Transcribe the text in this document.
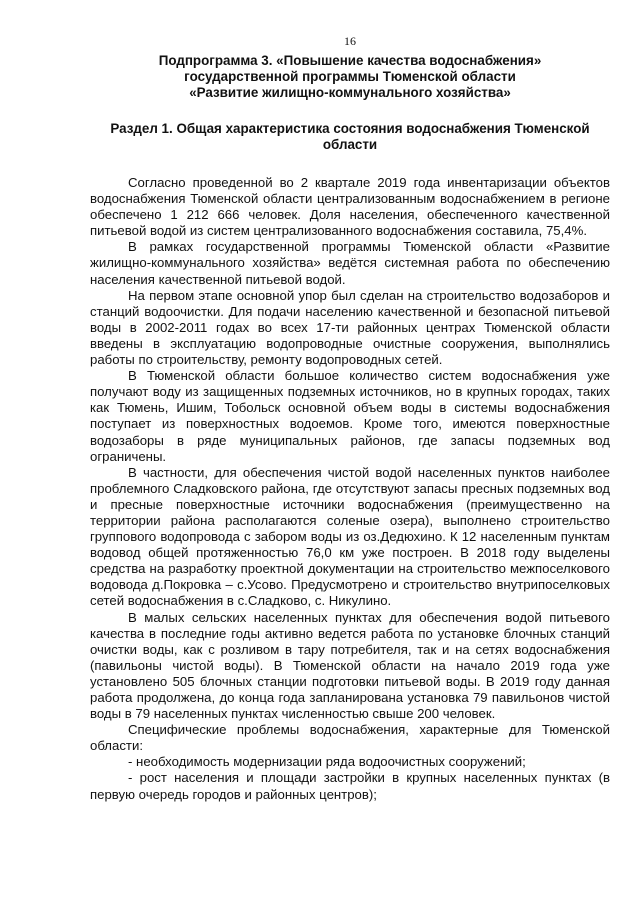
16
Подпрограмма 3. «Повышение качества водоснабжения»
государственной программы Тюменской области
«Развитие жилищно-коммунального хозяйства»
Раздел 1. Общая характеристика состояния водоснабжения Тюменской области

Согласно проведенной во 2 квартале 2019 года инвентаризации объектов водоснабжения Тюменской области централизованным водоснабжением в регионе обеспечено 1 212 666 человек. Доля населения, обеспеченного качественной питьевой водой из систем централизованного водоснабжения составила, 75,4%.

В рамках государственной программы Тюменской области «Развитие жилищно-коммунального хозяйства» ведётся системная работа по обеспечению населения качественной питьевой водой.

На первом этапе основной упор был сделан на строительство водозаборов и станций водоочистки. Для подачи населению качественной и безопасной питьевой воды в 2002-2011 годах во всех 17-ти районных центрах Тюменской области введены в эксплуатацию водопроводные очистные сооружения, выполнялись работы по строительству, ремонту водопроводных сетей.

В Тюменской области большое количество систем водоснабжения уже получают воду из защищенных подземных источников, но в крупных городах, таких как Тюмень, Ишим, Тобольск основной объем воды в системы водоснабжения поступает из поверхностных водоемов. Кроме того, имеются поверхностные водозаборы в ряде муниципальных районов, где запасы подземных вод ограничены.

В частности, для обеспечения чистой водой населенных пунктов наиболее проблемного Сладковского района, где отсутствуют запасы пресных подземных вод и пресные поверхностные источники водоснабжения (преимущественно на территории района располагаются соленые озера), выполнено строительство группового водопровода с забором воды из оз.Дедюхино. К 12 населенным пунктам водовод общей протяженностью 76,0 км уже построен. В 2018 году выделены средства на разработку проектной документации на строительство межпоселкового водовода д.Покровка – с.Усово. Предусмотрено и строительство внутрипоселковых сетей водоснабжения в с.Сладково, с. Никулино.

В малых сельских населенных пунктах для обеспечения водой питьевого качества в последние годы активно ведется работа по установке блочных станций очистки воды, как с розливом в тару потребителя, так и на сетях водоснабжения (павильоны чистой воды). В Тюменской области на начало 2019 года уже установлено 505 блочных станции подготовки питьевой воды. В 2019 году данная работа продолжена, до конца года запланирована установка 79 павильонов чистой воды в 79 населенных пунктах численностью свыше 200 человек.

Специфические проблемы водоснабжения, характерные для Тюменской области:

- необходимость модернизации ряда водоочистных сооружений;

- рост населения и площади застройки в крупных населенных пунктах (в первую очередь городов и районных центров);
